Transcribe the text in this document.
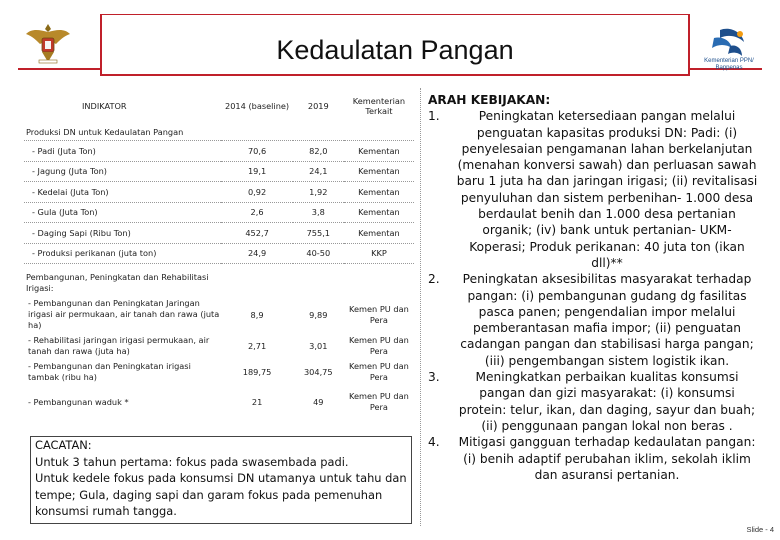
Kedaulatan Pangan	Kementerian PPN/ Bappenas
INDIKATOR	2014 (baseline)	2019	Kementerian Terkait
Produksi DN untuk Kedaulatan Pangan			
- Padi (Juta Ton)	70,6	82,0	Kementan
- Jagung (Juta Ton)	19,1	24,1	Kementan
- Kedelai (Juta Ton)	0,92	1,92	Kementan
- Gula (Juta Ton)	2,6	3,8	Kementan
- Daging Sapi (Ribu Ton)	452,7	755,1	Kementan
- Produksi perikanan (juta ton)	24,9	40-50	KKP
Pembangunan, Peningkatan dan Rehabilitasi Irigasi:			
- Pembangunan dan Peningkatan Jaringan irigasi air permukaan, air tanah dan rawa (juta ha)	8,9	9,89	Kemen PU dan Pera
- Rehabilitasi jaringan irigasi permukaan, air tanah dan rawa (juta ha)	2,71	3,01	Kemen PU dan Pera
- Pembangunan dan Peningkatan irigasi tambak (ribu ha)	189,75	304,75	Kemen PU dan Pera
- Pembangunan waduk *	21	49	Kemen PU dan Pera
CACATAN:
Untuk 3 tahun pertama: fokus pada swasembada padi.
Untuk kedele fokus pada konsumsi DN utamanya untuk tahu dan tempe; Gula, daging sapi dan garam fokus pada pemenuhan konsumsi rumah tangga.
ARAH KEBIJAKAN:
1.	Peningkatan ketersediaan pangan melalui penguatan kapasitas produksi DN: Padi: (i) penyelesaian pengamanan lahan berkelanjutan (menahan konversi sawah) dan perluasan sawah baru 1 juta ha dan jaringan irigasi; (ii) revitalisasi penyuluhan dan sistem perbenihan- 1.000 desa berdaulat benih dan 1.000 desa pertanian organik; (iv) bank untuk pertanian- UKM-Koperasi; Produk perikanan: 40 juta ton (ikan dll)**
2.	Peningkatan aksesibilitas masyarakat terhadap pangan: (i) pembangunan gudang dg fasilitas pasca panen; pengendalian impor melalui pemberantasan mafia impor; (ii) penguatan cadangan pangan dan stabilisasi harga pangan; (iii) pengembangan sistem logistik ikan.
3.	Meningkatkan perbaikan kualitas konsumsi pangan dan gizi masyarakat: (i) konsumsi protein: telur, ikan, dan daging, sayur dan buah; (ii) penggunaan pangan lokal non beras .
4.	Mitigasi gangguan terhadap kedaulatan pangan: (i) benih adaptif perubahan iklim, sekolah iklim dan asuransi pertanian.
Slide - 4
